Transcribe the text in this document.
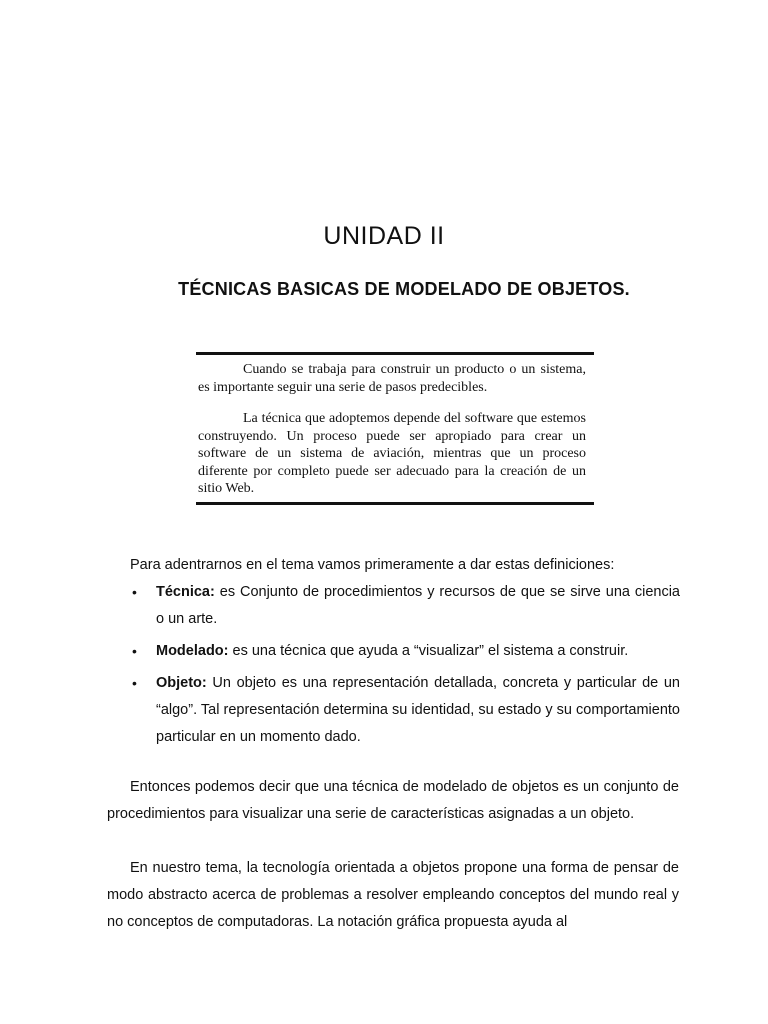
UNIDAD II
TÉCNICAS BASICAS DE MODELADO DE OBJETOS.

Cuando se trabaja para construir un producto o un sistema, es importante seguir una serie de pasos predecibles.

La técnica que adoptemos depende del software que estemos construyendo. Un proceso puede ser apropiado para crear un software de un sistema de aviación, mientras que un proceso diferente por completo puede ser adecuado para la creación de un sitio Web.

Para adentrarnos en el tema vamos primeramente a dar estas definiciones:

• Técnica: es Conjunto de procedimientos y recursos de que se sirve una ciencia o un arte.
• Modelado: es una técnica que ayuda a “visualizar” el sistema a construir.
• Objeto: Un objeto es una representación detallada, concreta y particular de un “algo”. Tal representación determina su identidad, su estado y su comportamiento particular en un momento dado.

Entonces podemos decir que una técnica de modelado de objetos es un conjunto de procedimientos para visualizar una serie de características asignadas a un objeto.

En nuestro tema, la tecnología orientada a objetos propone una forma de pensar de modo abstracto acerca de problemas a resolver empleando conceptos del mundo real y no conceptos de computadoras. La notación gráfica propuesta ayuda al
